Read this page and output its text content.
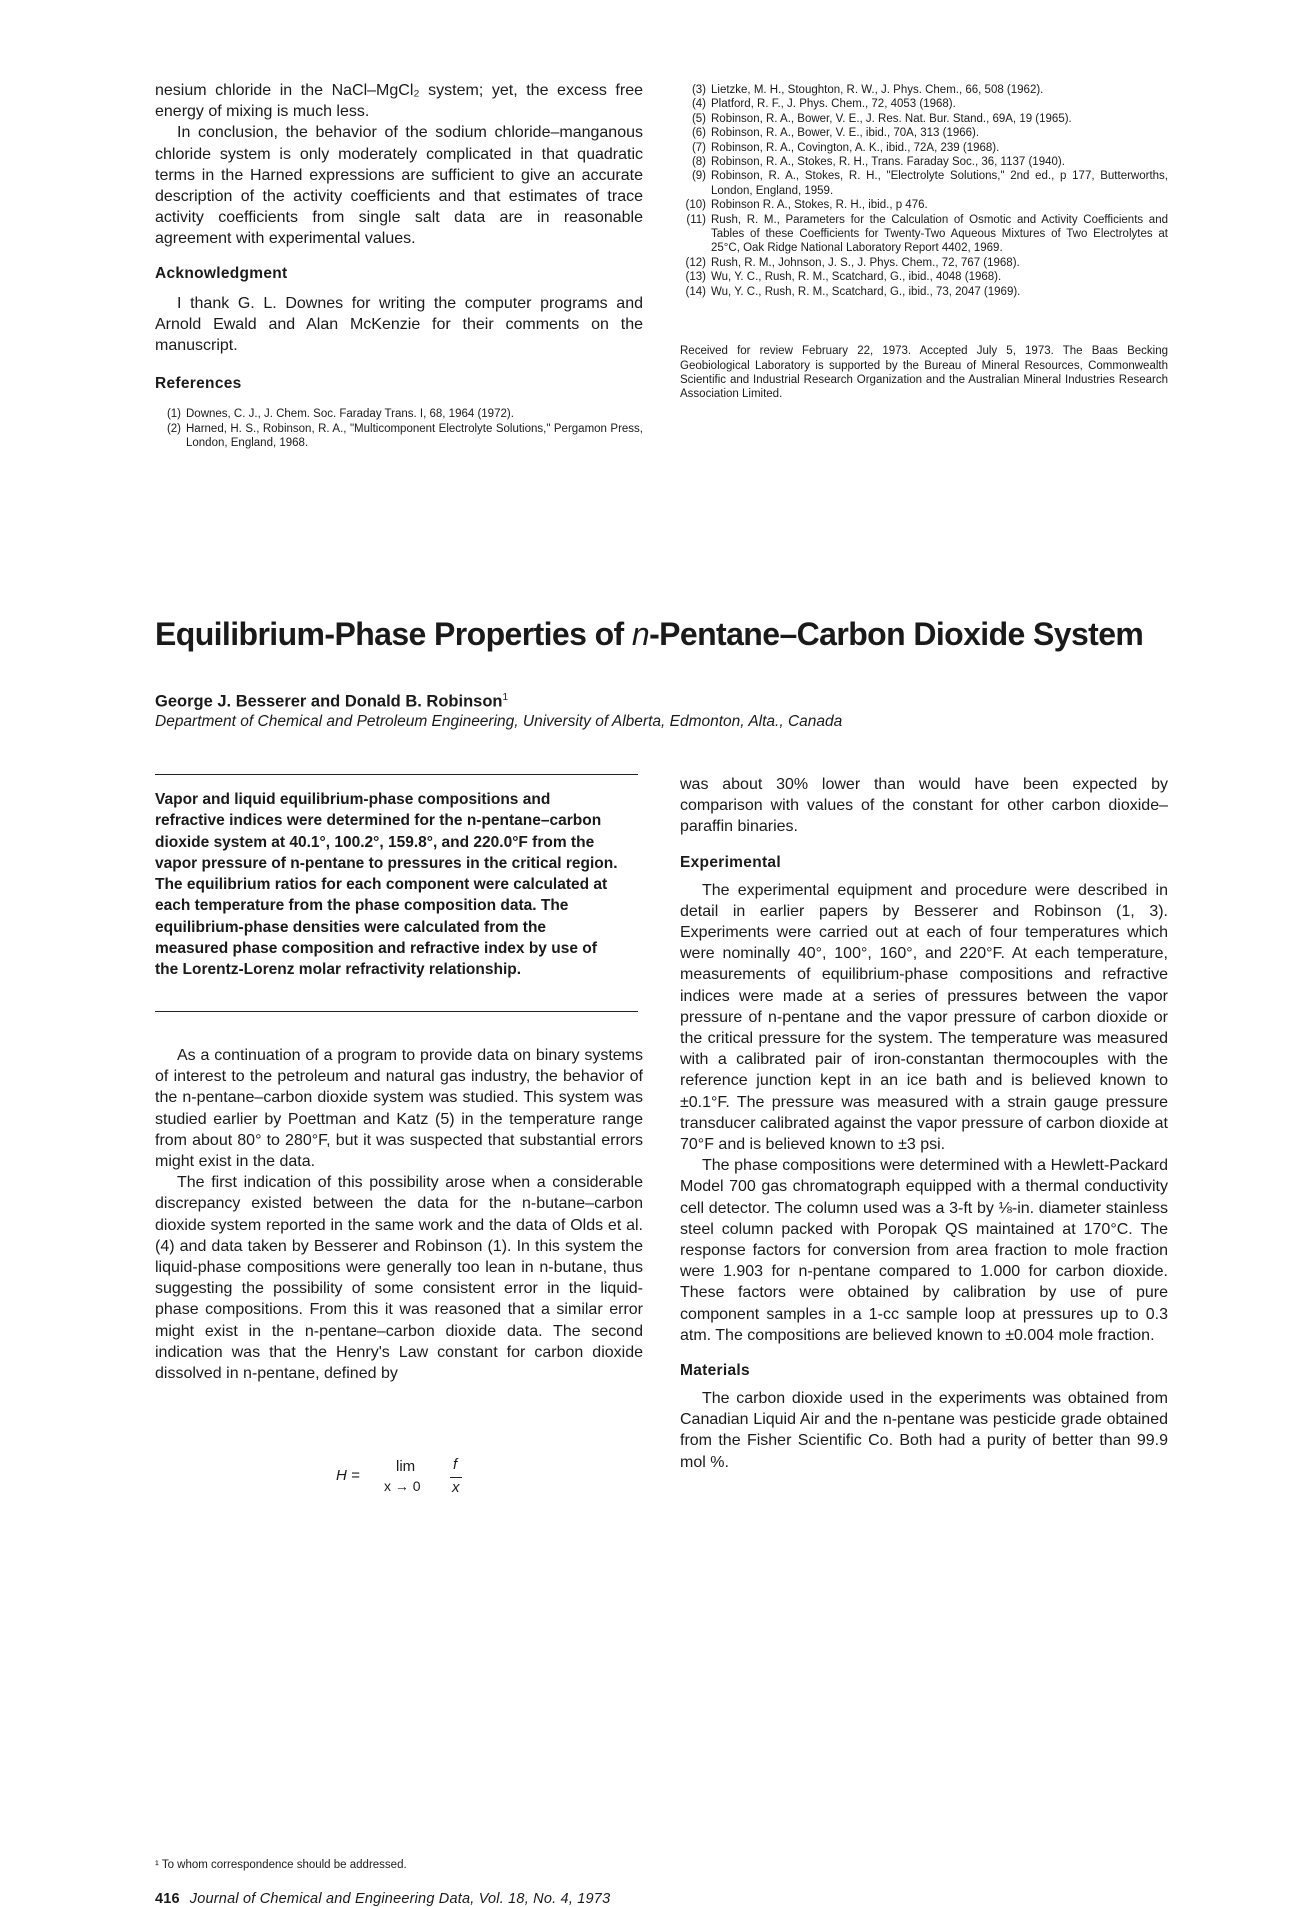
nesium chloride in the NaCl–MgCl₂ system; yet, the excess free energy of mixing is much less.

In conclusion, the behavior of the sodium chloride–manganous chloride system is only moderately complicated in that quadratic terms in the Harned expressions are sufficient to give an accurate description of the activity coefficients and that estimates of trace activity coefficients from single salt data are in reasonable agreement with experimental values.

Acknowledgment

I thank G. L. Downes for writing the computer programs and Arnold Ewald and Alan McKenzie for their comments on the manuscript.

References

(1) Downes, C. J., J. Chem. Soc. Faraday Trans. I, 68, 1964 (1972).
(2) Harned, H. S., Robinson, R. A., "Multicomponent Electrolyte Solutions," Pergamon Press, London, England, 1968.
(3) Lietzke, M. H., Stoughton, R. W., J. Phys. Chem., 66, 508 (1962).
(4) Platford, R. F., J. Phys. Chem., 72, 4053 (1968).
(5) Robinson, R. A., Bower, V. E., J. Res. Nat. Bur. Stand., 69A, 19 (1965).
(6) Robinson, R. A., Bower, V. E., ibid., 70A, 313 (1966).
(7) Robinson, R. A., Covington, A. K., ibid., 72A, 239 (1968).
(8) Robinson, R. A., Stokes, R. H., Trans. Faraday Soc., 36, 1137 (1940).
(9) Robinson, R. A., Stokes, R. H., "Electrolyte Solutions," 2nd ed., p 177, Butterworths, London, England, 1959.
(10) Robinson R. A., Stokes, R. H., ibid., p 476.
(11) Rush, R. M., Parameters for the Calculation of Osmotic and Activity Coefficients and Tables of these Coefficients for Twenty-Two Aqueous Mixtures of Two Electrolytes at 25°C, Oak Ridge National Laboratory Report 4402, 1969.
(12) Rush, R. M., Johnson, J. S., J. Phys. Chem., 72, 767 (1968).
(13) Wu, Y. C., Rush, R. M., Scatchard, G., ibid., 4048 (1968).
(14) Wu, Y. C., Rush, R. M., Scatchard, G., ibid., 73, 2047 (1969).

Received for review February 22, 1973. Accepted July 5, 1973. The Baas Becking Geobiological Laboratory is supported by the Bureau of Mineral Resources, Commonwealth Scientific and Industrial Research Organization and the Australian Mineral Industries Research Association Limited.

Equilibrium-Phase Properties of n-Pentane–Carbon Dioxide System

George J. Besserer and Donald B. Robinson$^1$

Department of Chemical and Petroleum Engineering, University of Alberta, Edmonton, Alta., Canada

Vapor and liquid equilibrium-phase compositions and refractive indices were determined for the n-pentane–carbon dioxide system at 40.1°, 100.2°, 159.8°, and 220.0°F from the vapor pressure of n-pentane to pressures in the critical region. The equilibrium ratios for each component were calculated at each temperature from the phase composition data. The equilibrium-phase densities were calculated from the measured phase composition and refractive index by use of the Lorentz-Lorenz molar refractivity relationship.

As a continuation of a program to provide data on binary systems of interest to the petroleum and natural gas industry, the behavior of the n-pentane–carbon dioxide system was studied. This system was studied earlier by Poettman and Katz (5) in the temperature range from about 80° to 280°F, but it was suspected that substantial errors might exist in the data.

The first indication of this possibility arose when a considerable discrepancy existed between the data for the n-butane–carbon dioxide system reported in the same work and the data of Olds et al. (4) and data taken by Besserer and Robinson (1). In this system the liquid-phase compositions were generally too lean in n-butane, thus suggesting the possibility of some consistent error in the liquid-phase compositions. From this it was reasoned that a similar error might exist in the n-pentane–carbon dioxide data. The second indication was that the Henry's Law constant for carbon dioxide dissolved in n-pentane, defined by

H =
lim
x → 0
f
x

¹ To whom correspondence should be addressed.

was about 30% lower than would have been expected by comparison with values of the constant for other carbon dioxide–paraffin binaries.

Experimental

The experimental equipment and procedure were described in detail in earlier papers by Besserer and Robinson (1, 3). Experiments were carried out at each of four temperatures which were nominally 40°, 100°, 160°, and 220°F. At each temperature, measurements of equilibrium-phase compositions and refractive indices were made at a series of pressures between the vapor pressure of n-pentane and the vapor pressure of carbon dioxide or the critical pressure for the system. The temperature was measured with a calibrated pair of iron-constantan thermocouples with the reference junction kept in an ice bath and is believed known to ±0.1°F. The pressure was measured with a strain gauge pressure transducer calibrated against the vapor pressure of carbon dioxide at 70°F and is believed known to ±3 psi.

The phase compositions were determined with a Hewlett-Packard Model 700 gas chromatograph equipped with a thermal conductivity cell detector. The column used was a 3-ft by ⅛-in. diameter stainless steel column packed with Poropak QS maintained at 170°C. The response factors for conversion from area fraction to mole fraction were 1.903 for n-pentane compared to 1.000 for carbon dioxide. These factors were obtained by calibration by use of pure component samples in a 1-cc sample loop at pressures up to 0.3 atm. The compositions are believed known to ±0.004 mole fraction.

Materials

The carbon dioxide used in the experiments was obtained from Canadian Liquid Air and the n-pentane was pesticide grade obtained from the Fisher Scientific Co. Both had a purity of better than 99.9 mol %.

416 Journal of Chemical and Engineering Data, Vol. 18, No. 4, 1973
